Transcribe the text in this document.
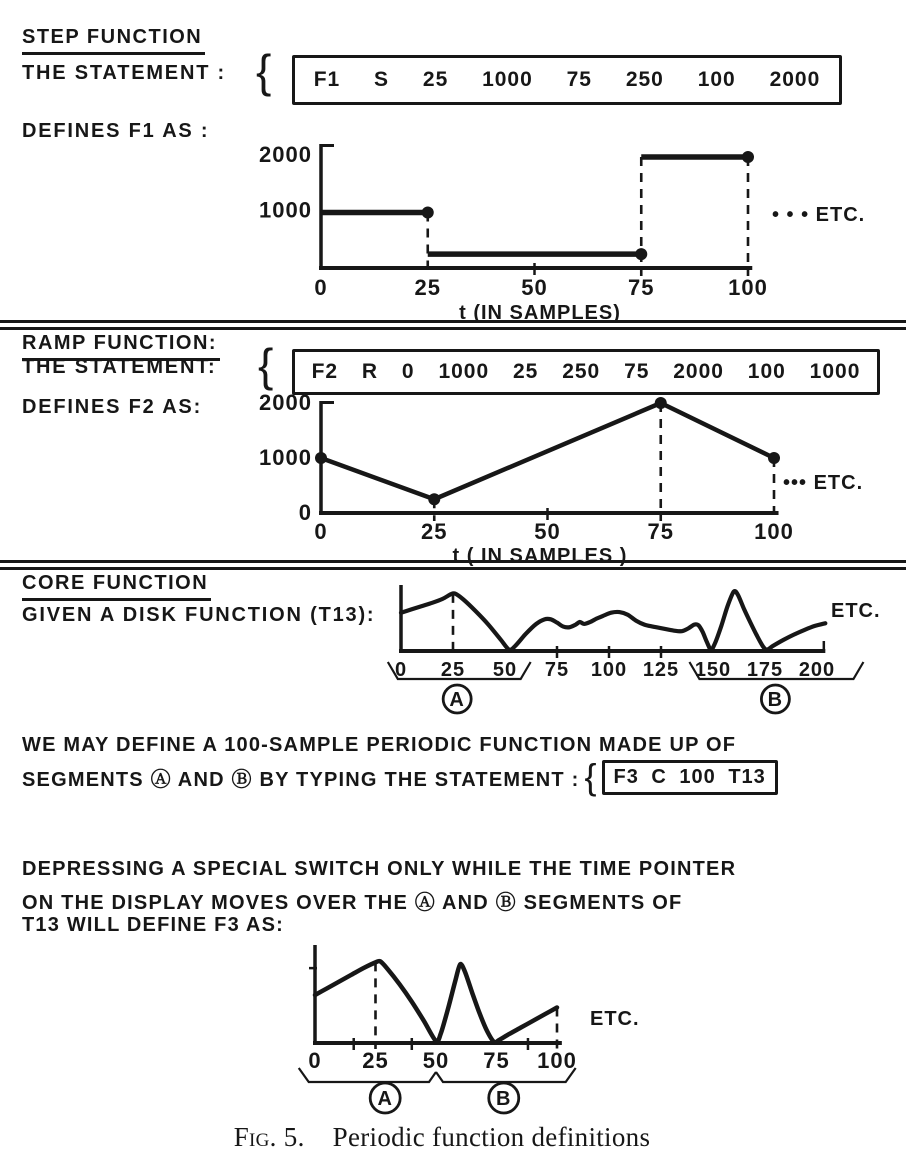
STEP FUNCTION
THE STATEMENT : {	F1 S 25 1000 75 250 100 2000
DEFINES F1 AS :
0	25	50	75	100
1000
2000
t (IN SAMPLES)
• • • ETC.
RAMP FUNCTION:
THE STATEMENT: {	F2 R 0 1000 25 250 75 2000 100 1000
DEFINES F2 AS:
0	25	50	75	100
0
1000
2000
t ( IN SAMPLES )
••• ETC.
CORE FUNCTION
GIVEN A DISK FUNCTION (T13):
0 25 50 75 100 125 150 175 200
ETC.
A	B
WE MAY DEFINE A 100-SAMPLE PERIODIC FUNCTION MADE UP OF
SEGMENTS Ⓐ AND Ⓑ BY TYPING THE STATEMENT : { F3 C 100 T13
DEPRESSING A SPECIAL SWITCH ONLY WHILE THE TIME POINTER
ON THE DISPLAY MOVES OVER THE Ⓐ AND Ⓑ SEGMENTS OF
T13 WILL DEFINE F3 AS:
0 25 50 75 100
ETC.
A	B
Fig. 5. Periodic function definitions
